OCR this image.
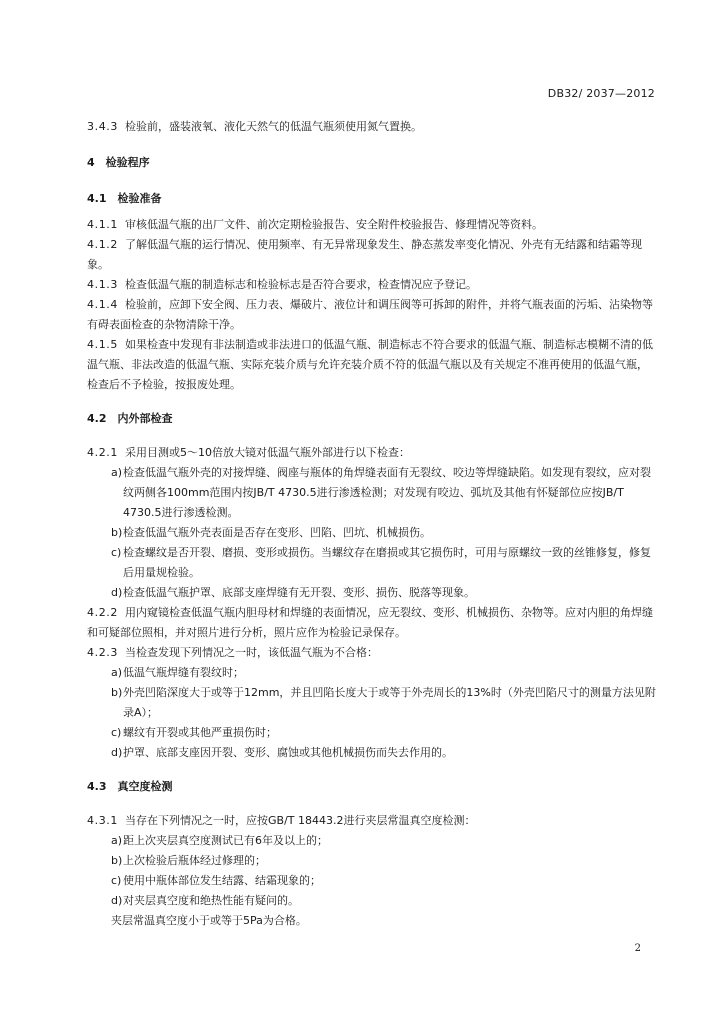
DB32/ 2037—2012

3.4.3 检验前，盛装液氧、液化天然气的低温气瓶须使用氮气置换。

4　检验程序

4.1　检验准备

4.1.1 审核低温气瓶的出厂文件、前次定期检验报告、安全附件校验报告、修理情况等资料。

4.1.2 了解低温气瓶的运行情况、使用频率、有无异常现象发生、静态蒸发率变化情况、外壳有无结露和结霜等现象。

4.1.3 检查低温气瓶的制造标志和检验标志是否符合要求，检查情况应予登记。

4.1.4 检验前，应卸下安全阀、压力表、爆破片、液位计和调压阀等可拆卸的附件，并将气瓶表面的污垢、沾染物等有碍表面检查的杂物清除干净。

4.1.5 如果检查中发现有非法制造或非法进口的低温气瓶、制造标志不符合要求的低温气瓶、制造标志模糊不清的低温气瓶、非法改造的低温气瓶、实际充装介质与允许充装介质不符的低温气瓶以及有关规定不准再使用的低温气瓶，检查后不予检验，按报废处理。

4.2　内外部检查

4.2.1 采用目测或5～10倍放大镜对低温气瓶外部进行以下检查：

a) 检查低温气瓶外壳的对接焊缝、阀座与瓶体的角焊缝表面有无裂纹、咬边等焊缝缺陷。如发现有裂纹，应对裂纹两侧各100mm范围内按JB/T 4730.5进行渗透检测；对发现有咬边、弧坑及其他有怀疑部位应按JB/T 4730.5进行渗透检测。
b) 检查低温气瓶外壳表面是否存在变形、凹陷、凹坑、机械损伤。
c) 检查螺纹是否开裂、磨损、变形或损伤。当螺纹存在磨损或其它损伤时，可用与原螺纹一致的丝锥修复，修复后用量规检验。
d) 检查低温气瓶护罩、底部支座焊缝有无开裂、变形、损伤、脱落等现象。

4.2.2 用内窥镜检查低温气瓶内胆母材和焊缝的表面情况，应无裂纹、变形、机械损伤、杂物等。应对内胆的角焊缝和可疑部位照相，并对照片进行分析，照片应作为检验记录保存。

4.2.3 当检查发现下列情况之一时，该低温气瓶为不合格：

a) 低温气瓶焊缝有裂纹时；
b) 外壳凹陷深度大于或等于12mm，并且凹陷长度大于或等于外壳周长的13%时（外壳凹陷尺寸的测量方法见附录A）；
c) 螺纹有开裂或其他严重损伤时；
d) 护罩、底部支座因开裂、变形、腐蚀或其他机械损伤而失去作用的。

4.3　真空度检测

4.3.1 当存在下列情况之一时，应按GB/T 18443.2进行夹层常温真空度检测：

a) 距上次夹层真空度测试已有6年及以上的；
b) 上次检验后瓶体经过修理的；
c) 使用中瓶体部位发生结露、结霜现象的；
d) 对夹层真空度和绝热性能有疑问的。

夹层常温真空度小于或等于5Pa为合格。

2
